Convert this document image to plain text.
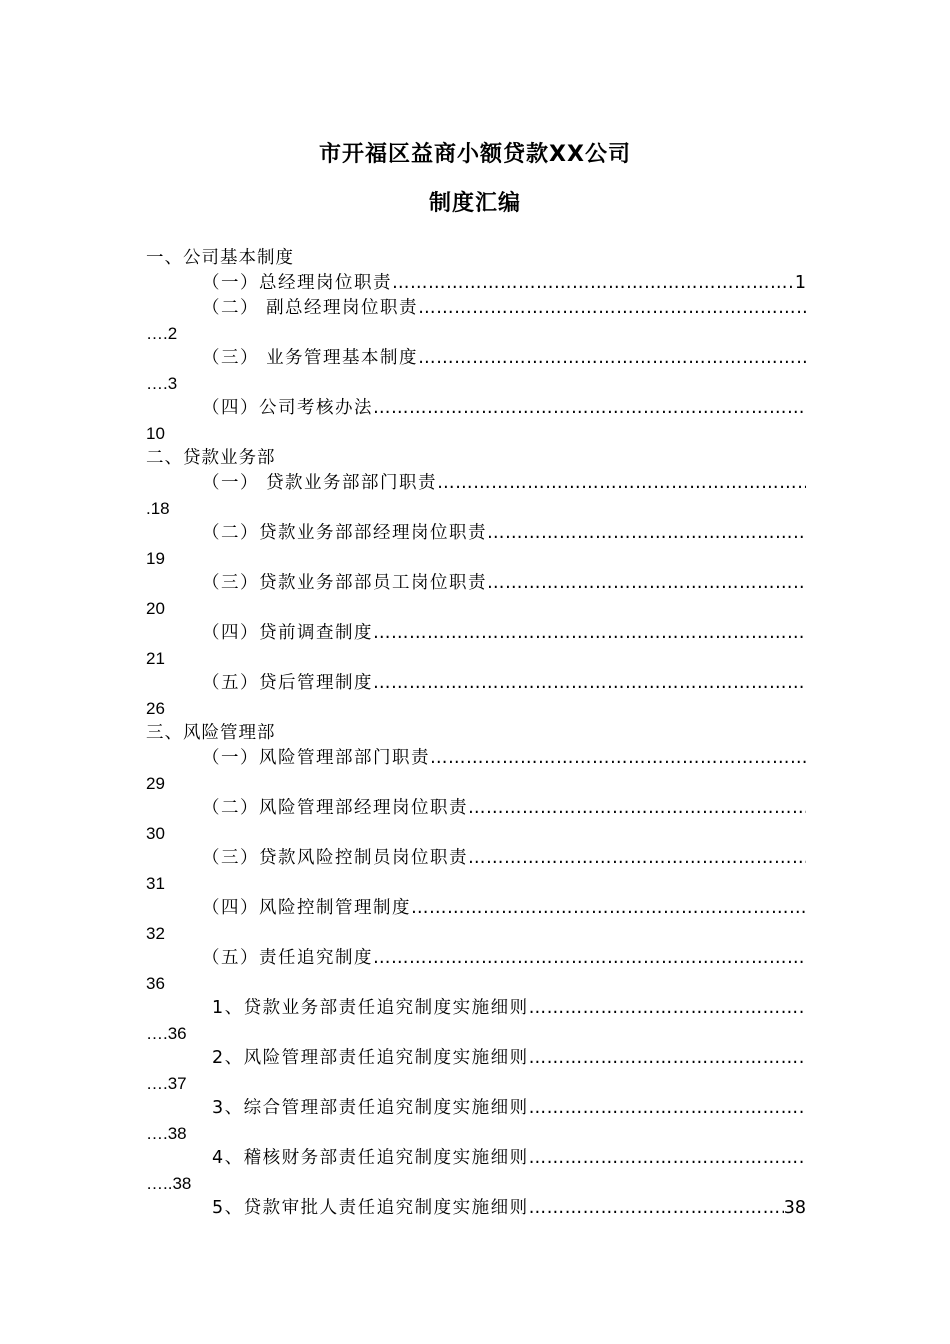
市开福区益商小额贷款XX公司
制度汇编
一、公司基本制度
（一）总经理岗位职责 ………………………………………………………………………………………………………………………………	1
（二） 副总经理岗位职责
………………………………………………………………………………………………………………………………
….2
（三） 业务管理基本制度
………………………………………………………………………………………………………………………………
….3
（四）公司考核办法
………………………………………………………………………………………………………………………………
10
二、贷款业务部
（一） 贷款业务部部门职责
………………………………………………………………………………………………………………………………
.18
（二）贷款业务部部经理岗位职责
………………………………………………………………………………………………………………………………
19
（三）贷款业务部部员工岗位职责
………………………………………………………………………………………………………………………………
20
（四）贷前调查制度
………………………………………………………………………………………………………………………………
21
（五）贷后管理制度
………………………………………………………………………………………………………………………………
26
三、风险管理部
（一）风险管理部部门职责
………………………………………………………………………………………………………………………………
29
（二）风险管理部经理岗位职责
………………………………………………………………………………………………………………………………
30
（三）贷款风险控制员岗位职责
………………………………………………………………………………………………………………………………
31
（四）风险控制管理制度
………………………………………………………………………………………………………………………………
32
（五）责任追究制度
………………………………………………………………………………………………………………………………
36
1、贷款业务部责任追究制度实施细则
………………………………………………………………………………………………………………………………
….36
2、风险管理部责任追究制度实施细则
………………………………………………………………………………………………………………………………
….37
3、综合管理部责任追究制度实施细则
………………………………………………………………………………………………………………………………
….38
4、稽核财务部责任追究制度实施细则
………………………………………………………………………………………………………………………………
…..38
5、贷款审批人责任追究制度实施细则 ………………………………………………………………………………………………………………………………	38
